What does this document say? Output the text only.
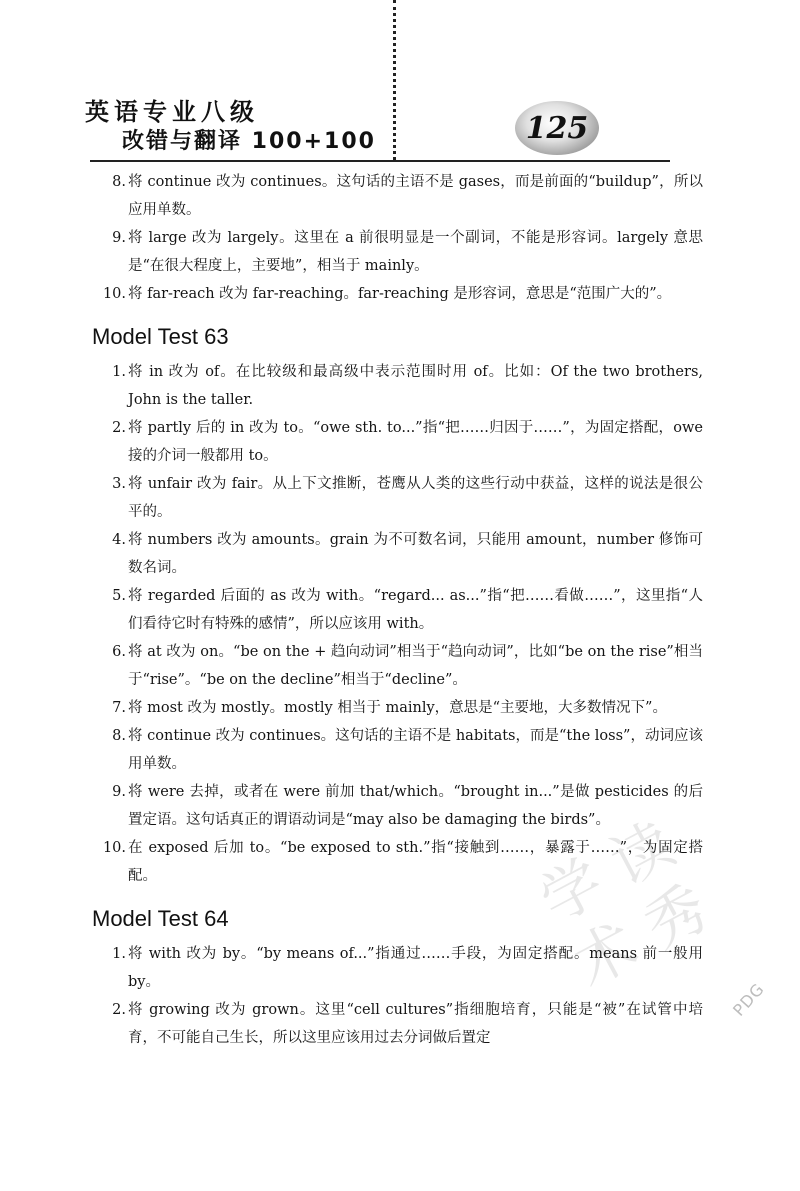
英语专业八级
改错与翻译 100+100	125
8. 将 continue 改为 continues。这句话的主语不是 gases，而是前面的“buildup”，所以应用单数。
9. 将 large 改为 largely。这里在 a 前很明显是一个副词，不能是形容词。largely 意思是“在很大程度上，主要地”，相当于 mainly。
10. 将 far-reach 改为 far-reaching。far-reaching 是形容词，意思是“范围广大的”。
Model Test 63
1. 将 in 改为 of。在比较级和最高级中表示范围时用 of。比如：Of the two brothers, John is the taller.
2. 将 partly 后的 in 改为 to。“owe sth. to...”指“把……归因于……”，为固定搭配，owe 接的介词一般都用 to。
3. 将 unfair 改为 fair。从上下文推断，苍鹰从人类的这些行动中获益，这样的说法是很公平的。
4. 将 numbers 改为 amounts。grain 为不可数名词，只能用 amount，number 修饰可数名词。
5. 将 regarded 后面的 as 改为 with。“regard... as...”指“把……看做……”，这里指“人们看待它时有特殊的感情”，所以应该用 with。
6. 将 at 改为 on。“be on the + 趋向动词”相当于“趋向动词”，比如“be on the rise”相当于“rise”。“be on the decline”相当于“decline”。
7. 将 most 改为 mostly。mostly 相当于 mainly，意思是“主要地，大多数情况下”。
8. 将 continue 改为 continues。这句话的主语不是 habitats，而是“the loss”，动词应该用单数。
9. 将 were 去掉，或者在 were 前加 that/which。“brought in...”是做 pesticides 的后置定语。这句话真正的谓语动词是“may also be damaging the birds”。
10. 在 exposed 后加 to。“be exposed to sth.”指“接触到……，暴露于……”，为固定搭配。
Model Test 64
1. 将 with 改为 by。“by means of...”指通过……手段，为固定搭配。means 前一般用 by。
2. 将 growing 改为 grown。这里“cell cultures”指细胞培育，只能是“被”在试管中培育，不可能自己生长，所以这里应该用过去分词做后置定
读
秀
学
术	PDG
